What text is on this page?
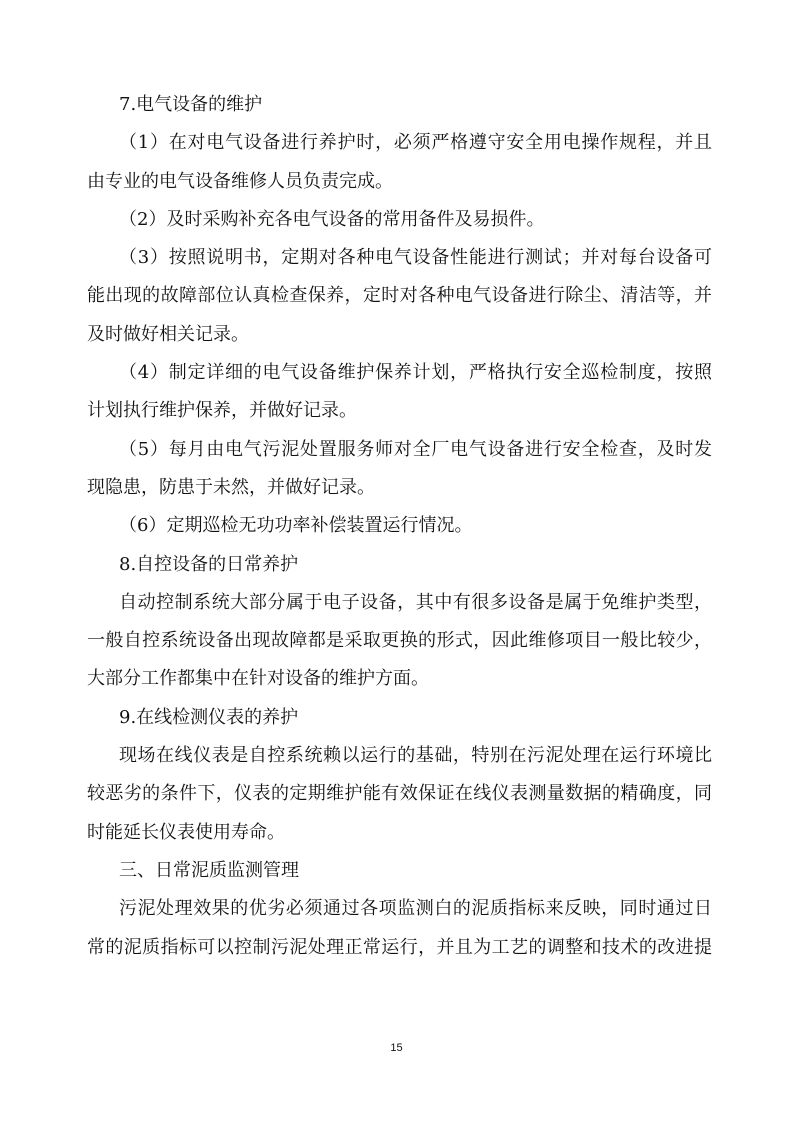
7.电气设备的维护
（1）在对电气设备进行养护时，必须严格遵守安全用电操作规程，并且
由专业的电气设备维修人员负责完成。
（2）及时采购补充各电气设备的常用备件及易损件。
（3）按照说明书，定期对各种电气设备性能进行测试；并对每台设备可
能出现的故障部位认真检查保养，定时对各种电气设备进行除尘、清洁等，并
及时做好相关记录。
（4）制定详细的电气设备维护保养计划，严格执行安全巡检制度，按照
计划执行维护保养，并做好记录。
（5）每月由电气污泥处置服务师对全厂电气设备进行安全检查，及时发
现隐患，防患于未然，并做好记录。
（6）定期巡检无功功率补偿装置运行情况。
8.自控设备的日常养护
自动控制系统大部分属于电子设备，其中有很多设备是属于免维护类型，
一般自控系统设备出现故障都是采取更换的形式，因此维修项目一般比较少，
大部分工作都集中在针对设备的维护方面。
9.在线检测仪表的养护
现场在线仪表是自控系统赖以运行的基础，特别在污泥处理在运行环境比
较恶劣的条件下，仪表的定期维护能有效保证在线仪表测量数据的精确度，同
时能延长仪表使用寿命。
三、日常泥质监测管理
污泥处理效果的优劣必须通过各项监测白的泥质指标来反映，同时通过日
常的泥质指标可以控制污泥处理正常运行，并且为工艺的调整和技术的改进提
15
